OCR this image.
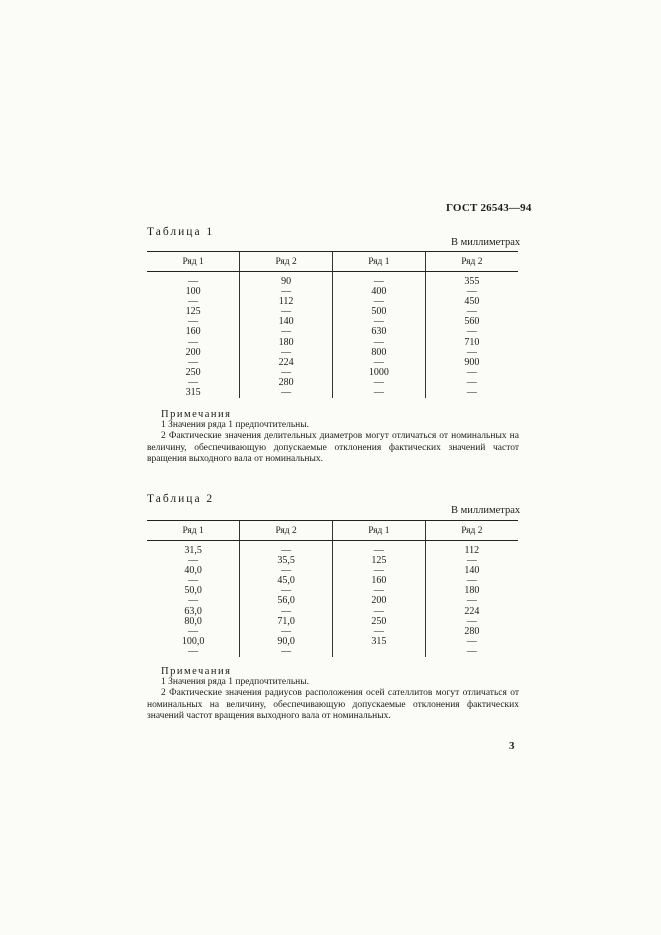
ГОСТ 26543—94
Таблица 1
В миллиметрах
Ряд 1	Ряд 2	Ряд 1	Ряд 2

—	90	—	355
100	—	400	—
—	112	—	450
125	—	500	—
—	140	—	560
160	—	630	—
—	180	—	710
200	—	800	—
—	224	—	900
250	—	1000	—
—	280	—	—
315	—	—	—
Примечания

1 Значения ряда 1 предпочтительны.

2 Фактические значения делительных диаметров могут отличаться от номинальных на величину, обеспечивающую допускаемые отклонения фактических значений частот вращения выходного вала от номинальных.

Таблица 2
В миллиметрах
Ряд 1	Ряд 2	Ряд 1	Ряд 2

31,5	—	—	112
—	35,5	125	—
40,0	—	—	140
—	45,0	160	—
50,0	—	—	180
—	56,0	200	—
63,0	—	—	224
80,0	71,0	250	—
—	—	—	280
100,0	90,0	315	—
—	—		—
Примечания

1 Значения ряда 1 предпочтительны.

2 Фактические значения радиусов расположения осей сателлитов могут отличаться от номинальных на величину, обеспечивающую допускаемые отклонения фактических значений частот вращения выходного вала от номинальных.

3
